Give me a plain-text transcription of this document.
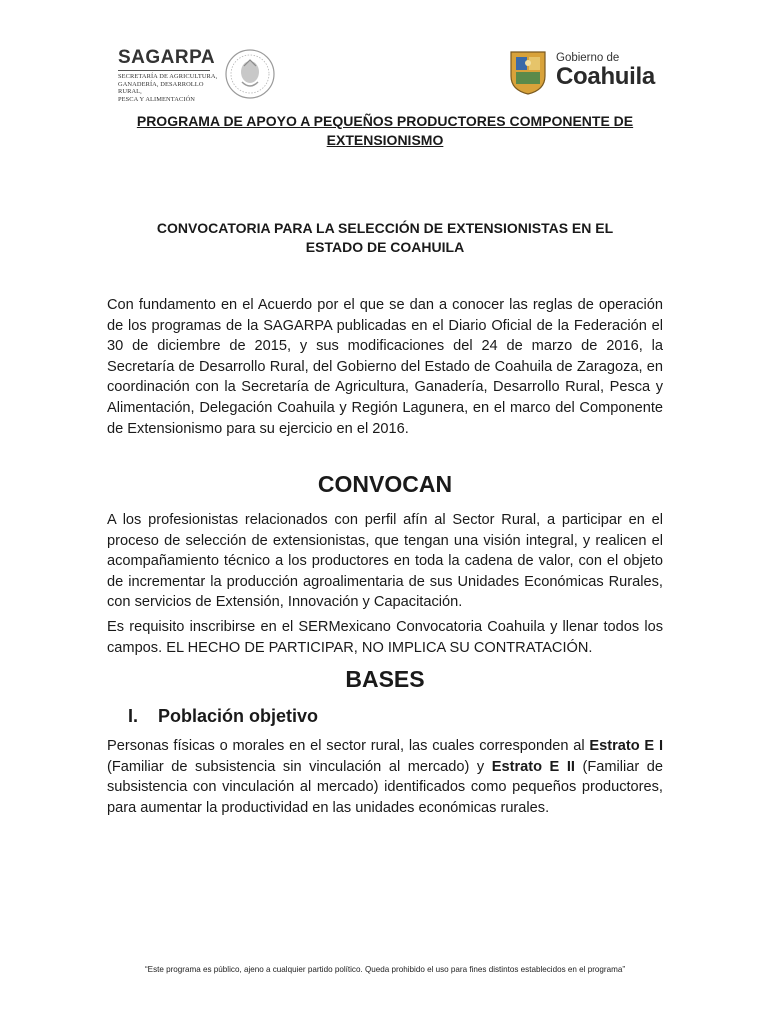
SAGARPA
SECRETARÍA DE AGRICULTURA,
GANADERÍA, DESARROLLO RURAL,
PESCA Y ALIMENTACIÓN
Gobierno de
Coahuila
PROGRAMA DE APOYO A PEQUEÑOS PRODUCTORES COMPONENTE DE
EXTENSIONISMO
CONVOCATORIA PARA LA SELECCIÓN DE EXTENSIONISTAS EN EL
ESTADO DE COAHUILA

Con fundamento en el Acuerdo por el que se dan a conocer las reglas de operación de los programas de la SAGARPA publicadas en el Diario Oficial de la Federación el 30 de diciembre de 2015, y sus modificaciones del 24 de marzo de 2016, la Secretaría de Desarrollo Rural, del Gobierno del Estado de Coahuila de Zaragoza, en coordinación con la Secretaría de Agricultura, Ganadería, Desarrollo Rural, Pesca y Alimentación, Delegación Coahuila y Región Lagunera, en el marco del Componente de Extensionismo para su ejercicio en el 2016.

CONVOCAN

A los profesionistas relacionados con perfil afín al Sector Rural, a participar en el proceso de selección de extensionistas, que tengan una visión integral, y realicen el acompañamiento técnico a los productores en toda la cadena de valor, con el objeto de incrementar la producción agroalimentaria de sus Unidades Económicas Rurales, con servicios de Extensión, Innovación y Capacitación.

Es requisito inscribirse en el SERMexicano Convocatoria Coahuila y llenar todos los campos. EL HECHO DE PARTICIPAR, NO IMPLICA SU CONTRATACIÓN.

BASES
I. Población objetivo

Personas físicas o morales en el sector rural, las cuales corresponden al Estrato E I (Familiar de subsistencia sin vinculación al mercado) y Estrato E II (Familiar de subsistencia con vinculación al mercado) identificados como pequeños productores, para aumentar la productividad en las unidades económicas rurales.

“Este programa es público, ajeno a cualquier partido político. Queda prohibido el uso para fines distintos establecidos en el programa”
